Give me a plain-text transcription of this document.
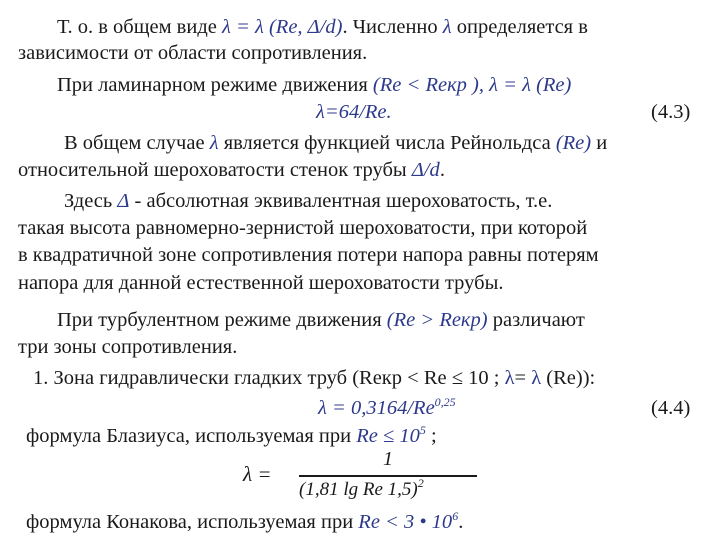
Т. о. в общем виде λ = λ (Re, Δ/d). Численно λ определяется в
зависимости от области сопротивления.
При ламинарном режиме движения (Re < Reкр ), λ = λ (Re)
λ=64/Re.	(4.3)
В общем случае λ является функцией числа Рейнольдса (Re) и
относительной шероховатости стенок трубы Δ/d.
Здесь Δ - абсолютная эквивалентная шероховатость, т.е.
такая высота равномерно-зернистой шероховатости, при которой
в квадратичной зоне сопротивления потери напора равны потерям
напора для данной естественной шероховатости трубы.
При турбулентном режиме движения (Re > Reкр) различают
три зоны сопротивления.
1. Зона гидравлически гладких труб (Reкр < Re ≤ 10 ; λ= λ (Re)):
λ = 0,3164/Re$^{0,25}$	(4.4)
формула Блазиуса, используемая при $Re \le 10^5$ ;
λ =
1
(1,81 lg Re 1,5)$^2$
формула Конакова, используемая при Re < 3 • $10^6$.
